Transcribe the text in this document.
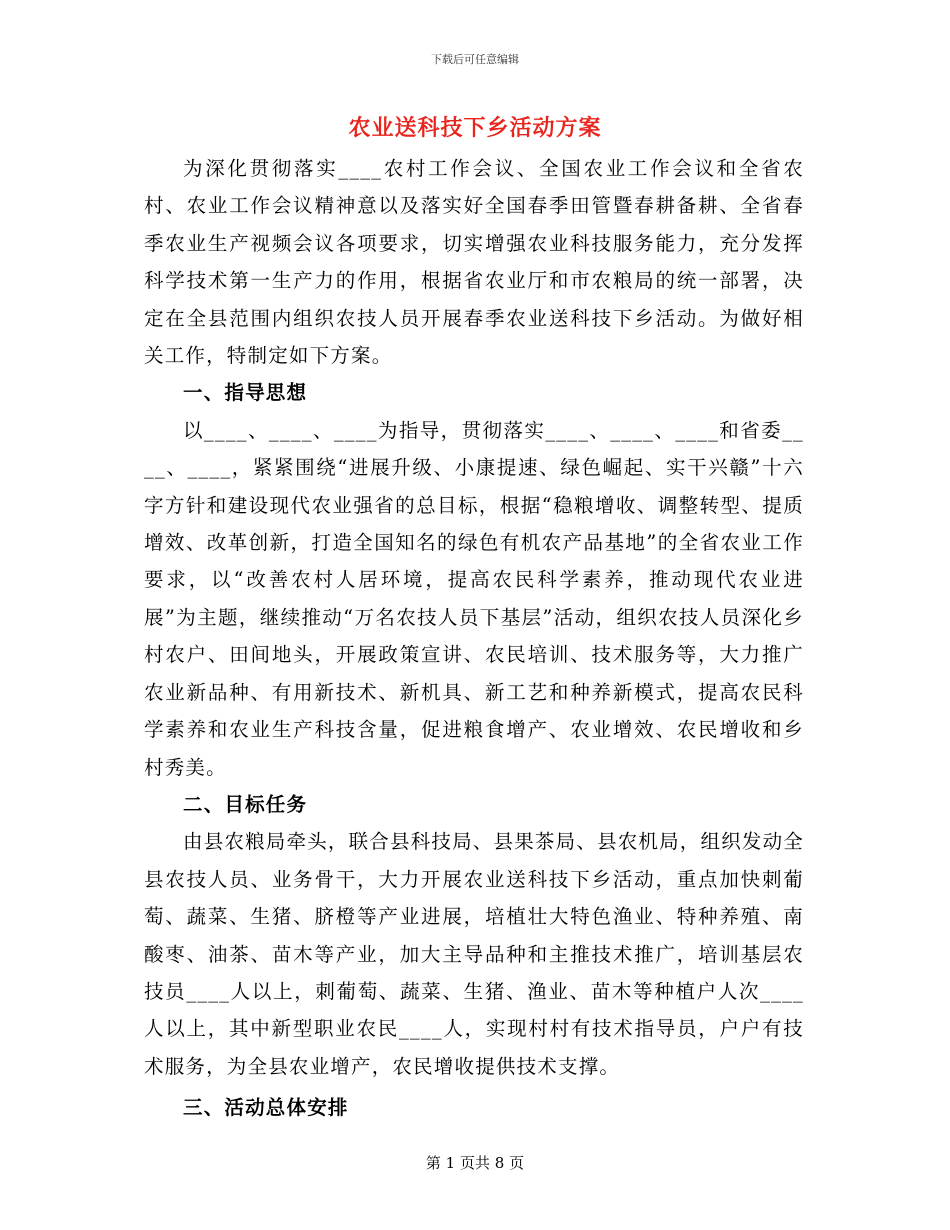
下载后可任意编辑
农业送科技下乡活动方案

为深化贯彻落实____农村工作会议、全国农业工作会议和全省农村、农业工作会议精神意以及落实好全国春季田管暨春耕备耕、全省春季农业生产视频会议各项要求，切实增强农业科技服务能力，充分发挥科学技术第一生产力的作用，根据省农业厅和市农粮局的统一部署，决定在全县范围内组织农技人员开展春季农业送科技下乡活动。为做好相关工作，特制定如下方案。

一、指导思想

以____、____、____为指导，贯彻落实____、____、____和省委____、____，紧紧围绕“进展升级、小康提速、绿色崛起、实干兴赣”十六字方针和建设现代农业强省的总目标，根据“稳粮增收、调整转型、提质增效、改革创新，打造全国知名的绿色有机农产品基地”的全省农业工作要求，以“改善农村人居环境，提高农民科学素养，推动现代农业进展”为主题，继续推动“万名农技人员下基层”活动，组织农技人员深化乡村农户、田间地头，开展政策宣讲、农民培训、技术服务等，大力推广农业新品种、有用新技术、新机具、新工艺和种养新模式，提高农民科学素养和农业生产科技含量，促进粮食增产、农业增效、农民增收和乡村秀美。

二、目标任务

由县农粮局牵头，联合县科技局、县果茶局、县农机局，组织发动全县农技人员、业务骨干，大力开展农业送科技下乡活动，重点加快刺葡萄、蔬菜、生猪、脐橙等产业进展，培植壮大特色渔业、特种养殖、南酸枣、油茶、苗木等产业，加大主导品种和主推技术推广，培训基层农技员____人以上，刺葡萄、蔬菜、生猪、渔业、苗木等种植户人次____人以上，其中新型职业农民____人，实现村村有技术指导员，户户有技术服务，为全县农业增产，农民增收提供技术支撑。

三、活动总体安排
第 1 页共 8 页
